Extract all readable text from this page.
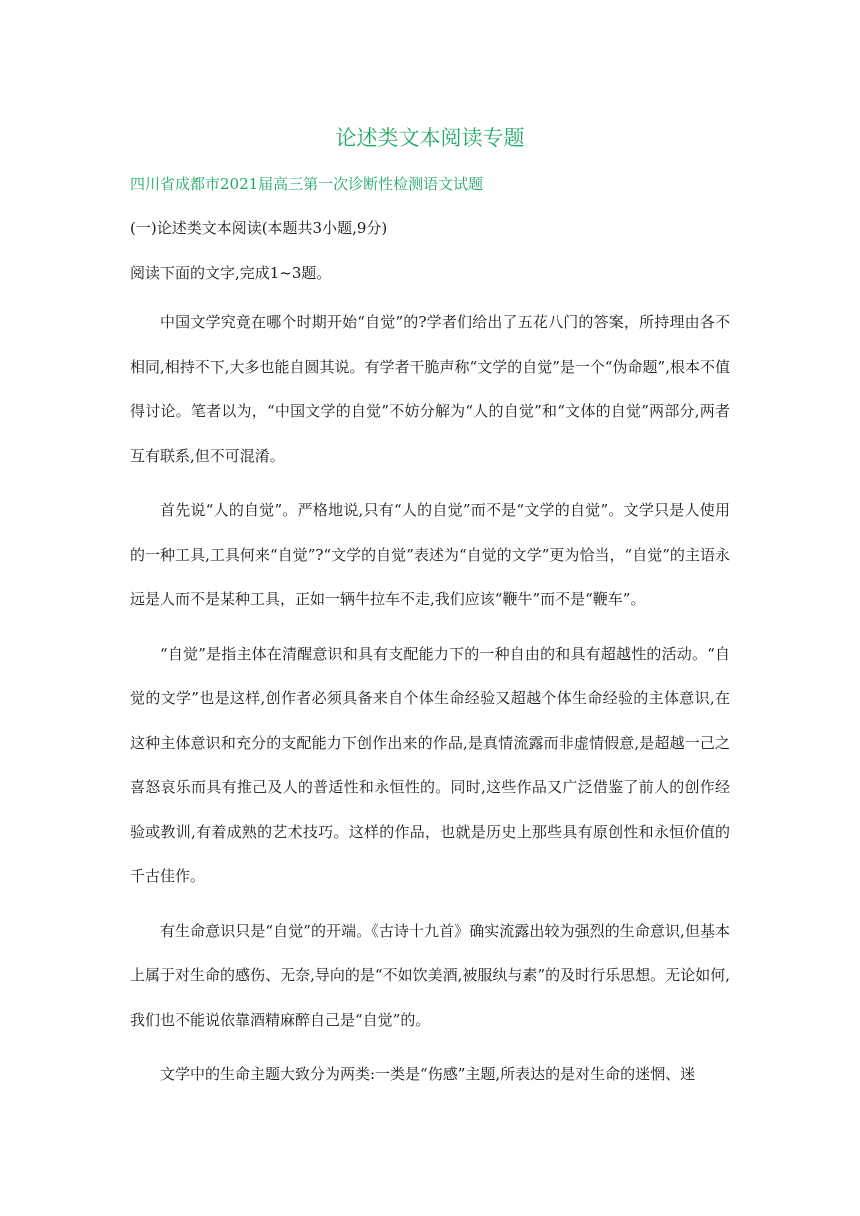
论述类文本阅读专题
四川省成都市2021届高三第一次诊断性检测语文试题
(一)论述类文本阅读(本题共3小题,9分)
阅读下面的文字,完成1~3题。

中国文学究竟在哪个时期开始“自觉”的?学者们给出了五花八门的答案，所持理由各不相同,相持不下,大多也能自圆其说。有学者干脆声称“文学的自觉”是一个“伪命题”,根本不值得讨论。笔者以为，“中国文学的自觉”不妨分解为“人的自觉”和“文体的自觉”两部分,两者互有联系,但不可混淆。

首先说“人的自觉”。严格地说,只有“人的自觉”而不是“文学的自觉”。文学只是人使用的一种工具,工具何来“自觉”?“文学的自觉”表述为“自觉的文学”更为恰当，“自觉”的主语永远是人而不是某种工具，正如一辆牛拉车不走,我们应该“鞭牛”而不是“鞭车”。

“自觉”是指主体在清醒意识和具有支配能力下的一种自由的和具有超越性的活动。“自觉的文学”也是这样,创作者必须具备来自个体生命经验又超越个体生命经验的主体意识,在这种主体意识和充分的支配能力下创作出来的作品,是真情流露而非虚情假意,是超越一己之喜怒哀乐而具有推己及人的普适性和永恒性的。同时,这些作品又广泛借鉴了前人的创作经验或教训,有着成熟的艺术技巧。这样的作品，也就是历史上那些具有原创性和永恒价值的千古佳作。

有生命意识只是“自觉”的开端。《古诗十九首》确实流露出较为强烈的生命意识,但基本上属于对生命的感伤、无奈,导向的是“不如饮美酒,被服纨与素”的及时行乐思想。无论如何,我们也不能说依靠酒精麻醉自己是“自觉”的。

文学中的生命主题大致分为两类:一类是“伤感”主题,所表达的是对生命的迷惘、迷
